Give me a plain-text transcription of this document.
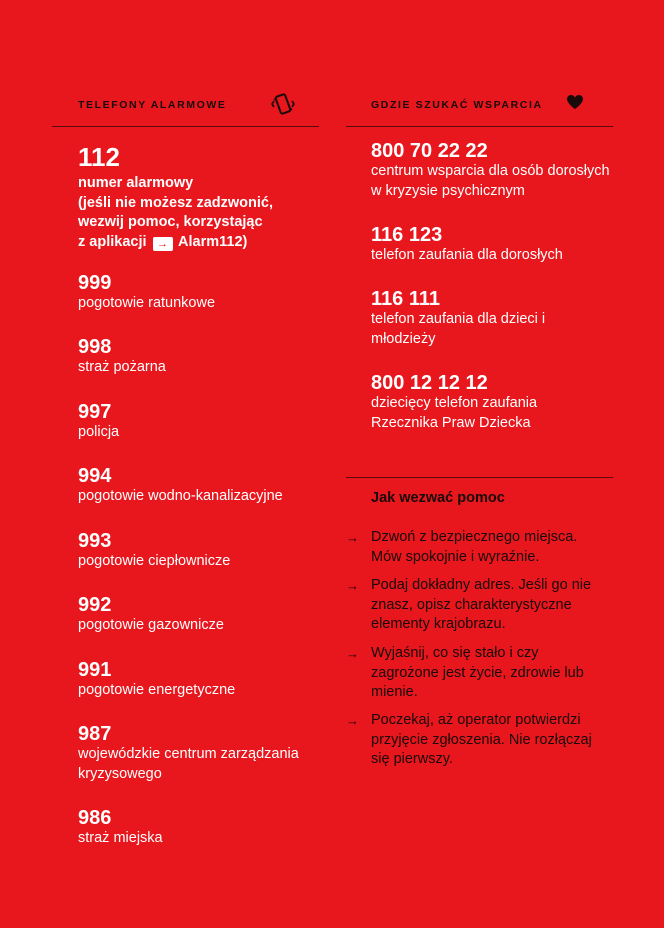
TELEFONY ALARMOWE
112
numer alarmowy
(jeśli nie możesz zadzwonić,
wezwij pomoc, korzystając
z aplikacji → Alarm112)
999
pogotowie ratunkowe
998
straż pożarna
997
policja
994
pogotowie wodno-kanalizacyjne
993
pogotowie ciepłownicze
992
pogotowie gazownicze
991
pogotowie energetyczne
987
wojewódzkie centrum zarządzania kryzysowego
986
straż miejska
GDZIE SZUKAĆ WSPARCIA
800 70 22 22
centrum wsparcia dla osób dorosłych w kryzysie psychicznym
116 123
telefon zaufania dla dorosłych
116 111
telefon zaufania dla dzieci i młodzieży
800 12 12 12
dziecięcy telefon zaufania Rzecznika Praw Dziecka
Jak wezwać pomoc
→ Dzwoń z bezpiecznego miejsca. Mów spokojnie i wyraźnie.
→ Podaj dokładny adres. Jeśli go nie znasz, opisz charakterystyczne elementy krajobrazu.
→ Wyjaśnij, co się stało i czy zagrożone jest życie, zdrowie lub mienie.
→ Poczekaj, aż operator potwierdzi przyjęcie zgłoszenia. Nie rozłączaj się pierwszy.
